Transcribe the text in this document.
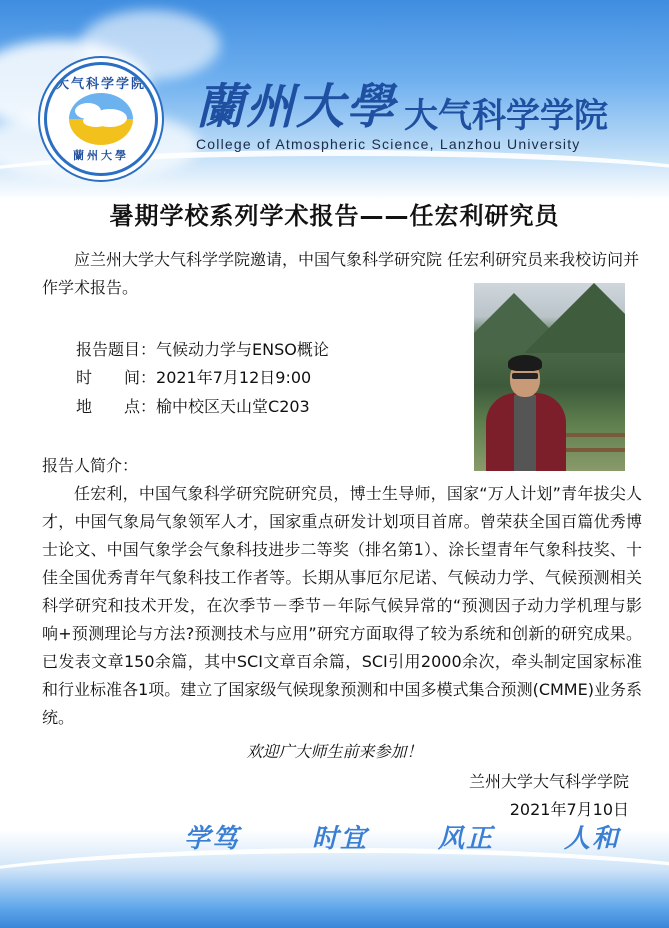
大气科学学院
蘭州大學
蘭州大學 大气科学学院
College of Atmospheric Science, Lanzhou University
暑期学校系列学术报告——任宏利研究员
应兰州大学大气科学学院邀请，中国气象科学研究院 任宏利研究员来我校访问并作学术报告。
报告题目：气候动力学与ENSO概论
时　　间：2021年7月12日9:00
地　　点：榆中校区天山堂C203
报告人简介：
任宏利，中国气象科学研究院研究员，博士生导师，国家“万人计划”青年拔尖人才，中国气象局气象领军人才，国家重点研发计划项目首席。曾荣获全国百篇优秀博士论文、中国气象学会气象科技进步二等奖（排名第1）、涂长望青年气象科技奖、十佳全国优秀青年气象科技工作者等。长期从事厄尔尼诺、气候动力学、气候预测相关科学研究和技术开发，在次季节－季节－年际气候异常的“预测因子动力学机理与影响+预测理论与方法?预测技术与应用”研究方面取得了较为系统和创新的研究成果。已发表文章150余篇，其中SCI文章百余篇，SCI引用2000余次，牵头制定国家标准和行业标准各1项。建立了国家级气候现象预测和中国多模式集合预测(CMME)业务系统。
欢迎广大师生前来参加！
兰州大学大气科学学院
2021年7月10日
学笃	时宜	风正	人和
